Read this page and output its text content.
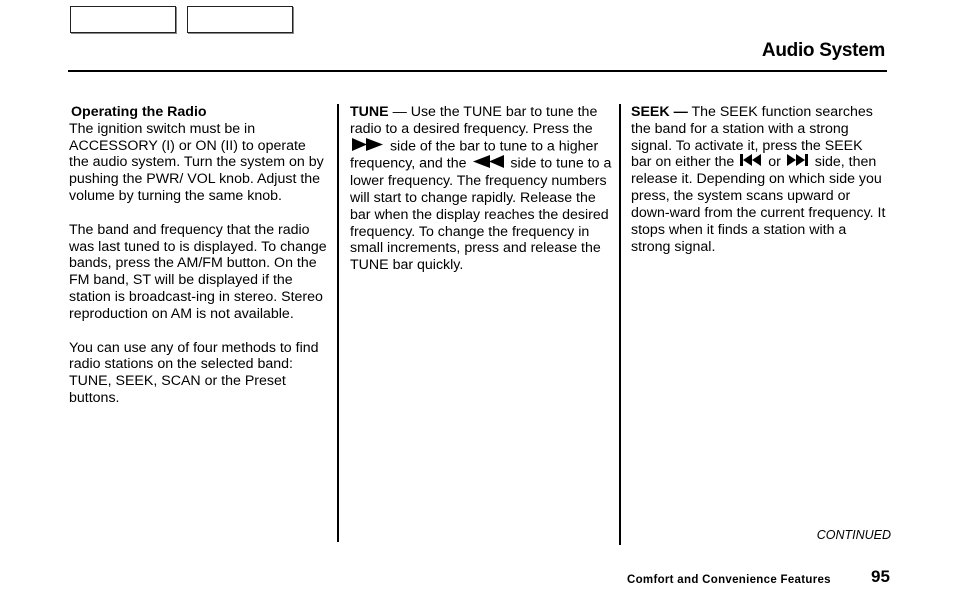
Audio System
Operating the Radio

The ignition switch must be in ACCESSORY (I) or ON (II) to operate the audio system. Turn the system on by pushing the PWR/ VOL knob. Adjust the volume by turning the same knob.

The band and frequency that the radio was last tuned to is displayed. To change bands, press the AM/FM button. On the FM band, ST will be displayed if the station is broadcast-ing in stereo. Stereo reproduction on AM is not available.

You can use any of four methods to find radio stations on the selected band: TUNE, SEEK, SCAN or the Preset buttons.

TUNE — Use the TUNE bar to tune the radio to a desired frequency. Press the  side of the bar to tune to a higher frequency, and the	side to tune to a lower frequency. The frequency numbers will start to change rapidly. Release the bar when the display reaches the desired frequency. To change the frequency in small increments, press and release the TUNE bar quickly.

SEEK — The SEEK function searches the band for a station with a strong signal. To activate it, press the SEEK bar on either the  or  side, then release it. Depending on which side you press, the system scans upward or down-ward from the current frequency. It stops when it finds a station with a strong signal.

CONTINUED
Comfort and Convenience Features 95
